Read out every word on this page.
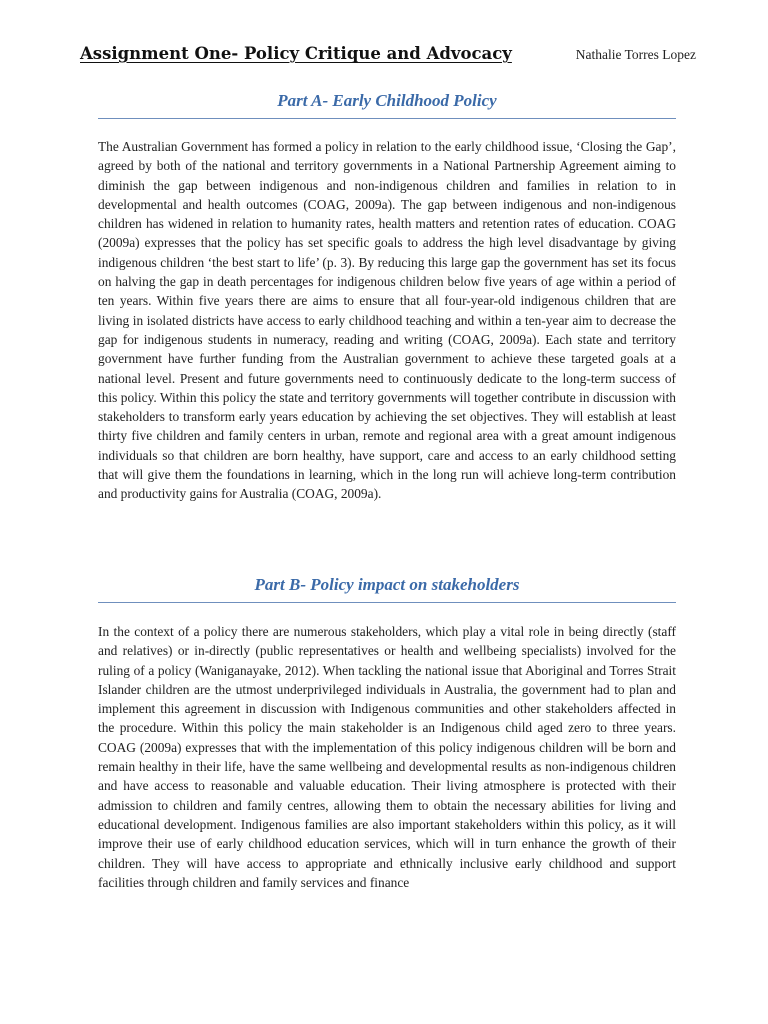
Assignment One- Policy Critique and Advocacy	Nathalie Torres Lopez
Part A- Early Childhood Policy

The Australian Government has formed a policy in relation to the early childhood issue, ‘Closing the Gap’, agreed by both of the national and territory governments in a National Partnership Agreement aiming to diminish the gap between indigenous and non-indigenous children and families in relation to in developmental and health outcomes (COAG, 2009a). The gap between indigenous and non-indigenous children has widened in relation to humanity rates, health matters and retention rates of education. COAG (2009a) expresses that the policy has set specific goals to address the high level disadvantage by giving indigenous children ‘the best start to life’ (p. 3). By reducing this large gap the government has set its focus on halving the gap in death percentages for indigenous children below five years of age within a period of ten years. Within five years there are aims to ensure that all four-year-old indigenous children that are living in isolated districts have access to early childhood teaching and within a ten-year aim to decrease the gap for indigenous students in numeracy, reading and writing (COAG, 2009a). Each state and territory government have further funding from the Australian government to achieve these targeted goals at a national level. Present and future governments need to continuously dedicate to the long-term success of this policy. Within this policy the state and territory governments will together contribute in discussion with stakeholders to transform early years education by achieving the set objectives. They will establish at least thirty five children and family centers in urban, remote and regional area with a great amount indigenous individuals so that children are born healthy, have support, care and access to an early childhood setting that will give them the foundations in learning, which in the long run will achieve long-term contribution and productivity gains for Australia (COAG, 2009a).

Part B- Policy impact on stakeholders

In the context of a policy there are numerous stakeholders, which play a vital role in being directly (staff and relatives) or in-directly (public representatives or health and wellbeing specialists) involved for the ruling of a policy (Waniganayake, 2012). When tackling the national issue that Aboriginal and Torres Strait Islander children are the utmost underprivileged individuals in Australia, the government had to plan and implement this agreement in discussion with Indigenous communities and other stakeholders affected in the procedure. Within this policy the main stakeholder is an Indigenous child aged zero to three years. COAG (2009a) expresses that with the implementation of this policy indigenous children will be born and remain healthy in their life, have the same wellbeing and developmental results as non-indigenous children and have access to reasonable and valuable education. Their living atmosphere is protected with their admission to children and family centres, allowing them to obtain the necessary abilities for living and educational development. Indigenous families are also important stakeholders within this policy, as it will improve their use of early childhood education services, which will in turn enhance the growth of their children. They will have access to appropriate and ethnically inclusive early childhood and support facilities through children and family services and finance
